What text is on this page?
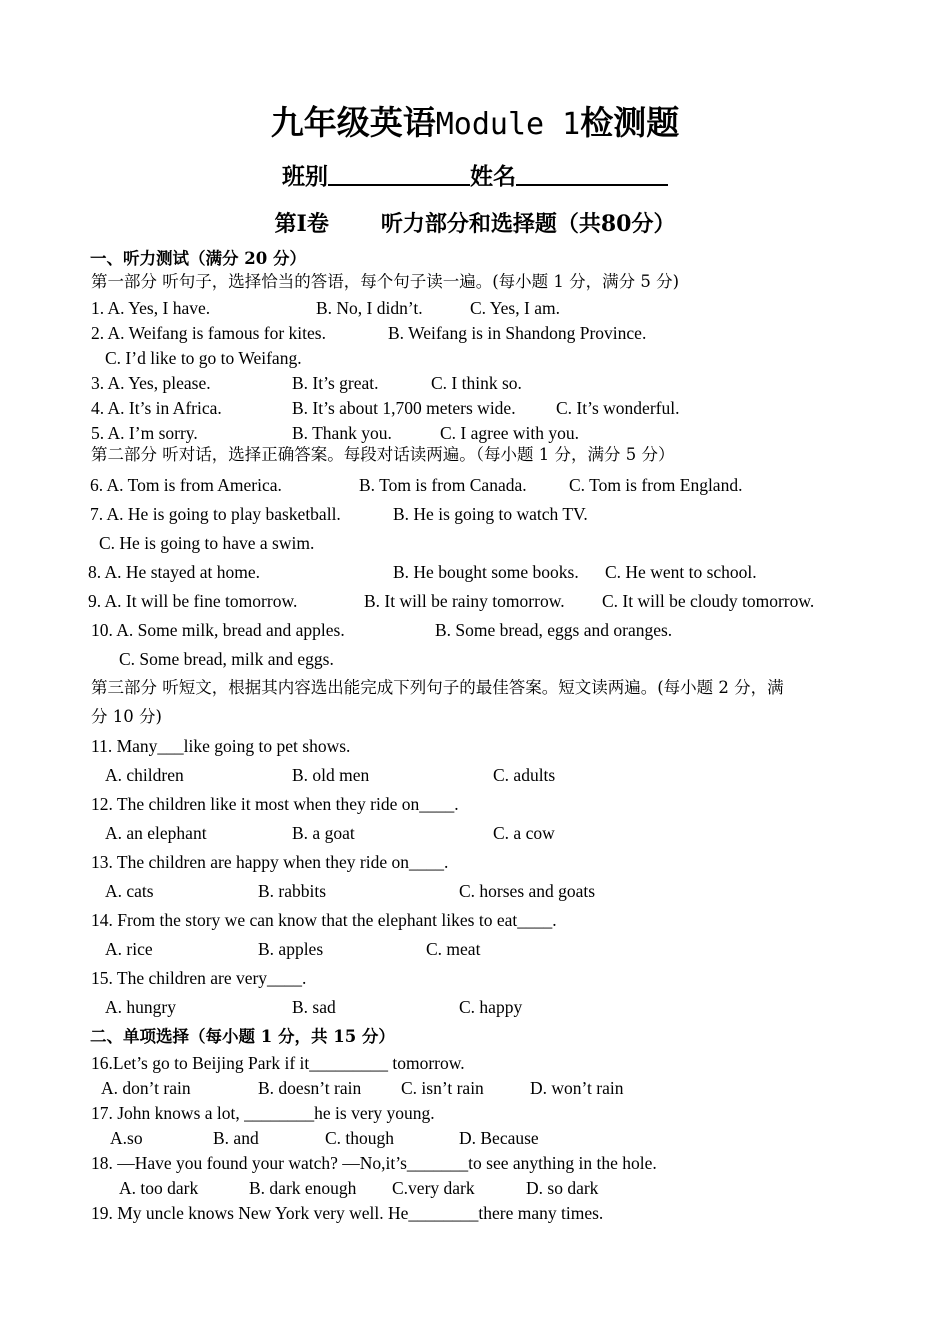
九年级英语Module 1检测题
班别	姓名
第I卷 听力部分和选择题（共80分）
一、听力测试（满分 20 分）
第一部分 听句子，选择恰当的答语，每个句子读一遍。(每小题 1 分，满分 5 分)
1. A. Yes, I have.	B. No, I didn’t.	C. Yes, I am.
2. A. Weifang is famous for kites.	B. Weifang is in Shandong Province.
C. I’d like to go to Weifang.
3. A. Yes, please.	B. It’s great.	C. I think so.
4. A. It’s in Africa.	B. It’s about 1,700 meters wide. C. It’s wonderful.
5. A. I’m sorry.	B. Thank you.	C. I agree with you.
第二部分 听对话，选择正确答案。每段对话读两遍。（每小题 1 分，满分 5 分）
6. A. Tom is from America.	B. Tom is from Canada. C. Tom is from England.
7. A. He is going to play basketball.	B. He is going to watch TV.
C. He is going to have a swim.
8. A. He stayed at home.	B. He bought some books. C. He went to school.
9. A. It will be fine tomorrow.	B. It will be rainy tomorrow. C. It will be cloudy tomorrow.
10. A. Some milk, bread and apples.	B. Some bread, eggs and oranges.
C. Some bread, milk and eggs.
第三部分 听短文，根据其内容选出能完成下列句子的最佳答案。短文读两遍。(每小题 2 分，满
分 10 分)
11. Many___like going to pet shows.
A. children	B. old men	C. adults
12. The children like it most when they ride on____.
A. an elephant	B. a goat	C. a cow
13. The children are happy when they ride on____.
A. cats	B. rabbits	C. horses and goats
14. From the story we can know that the elephant likes to eat____.
A. rice	B. apples	C. meat
15. The children are very____.
A. hungry	B. sad	C. happy
二、单项选择（每小题 1 分，共 15 分）
16.Let’s go to Beijing Park if it_________ tomorrow.
A. don’t rain	B. doesn’t rain C. isn’t rain	D. won’t rain
17. John knows a lot, ________he is very young.
A.so	B. and	C. though	D. Because
18. —Have you found your watch? —No,it’s_______to see anything in the hole.
A. too dark	B. dark enough C.very dark	D. so dark
19. My uncle knows New York very well. He________there many times.
